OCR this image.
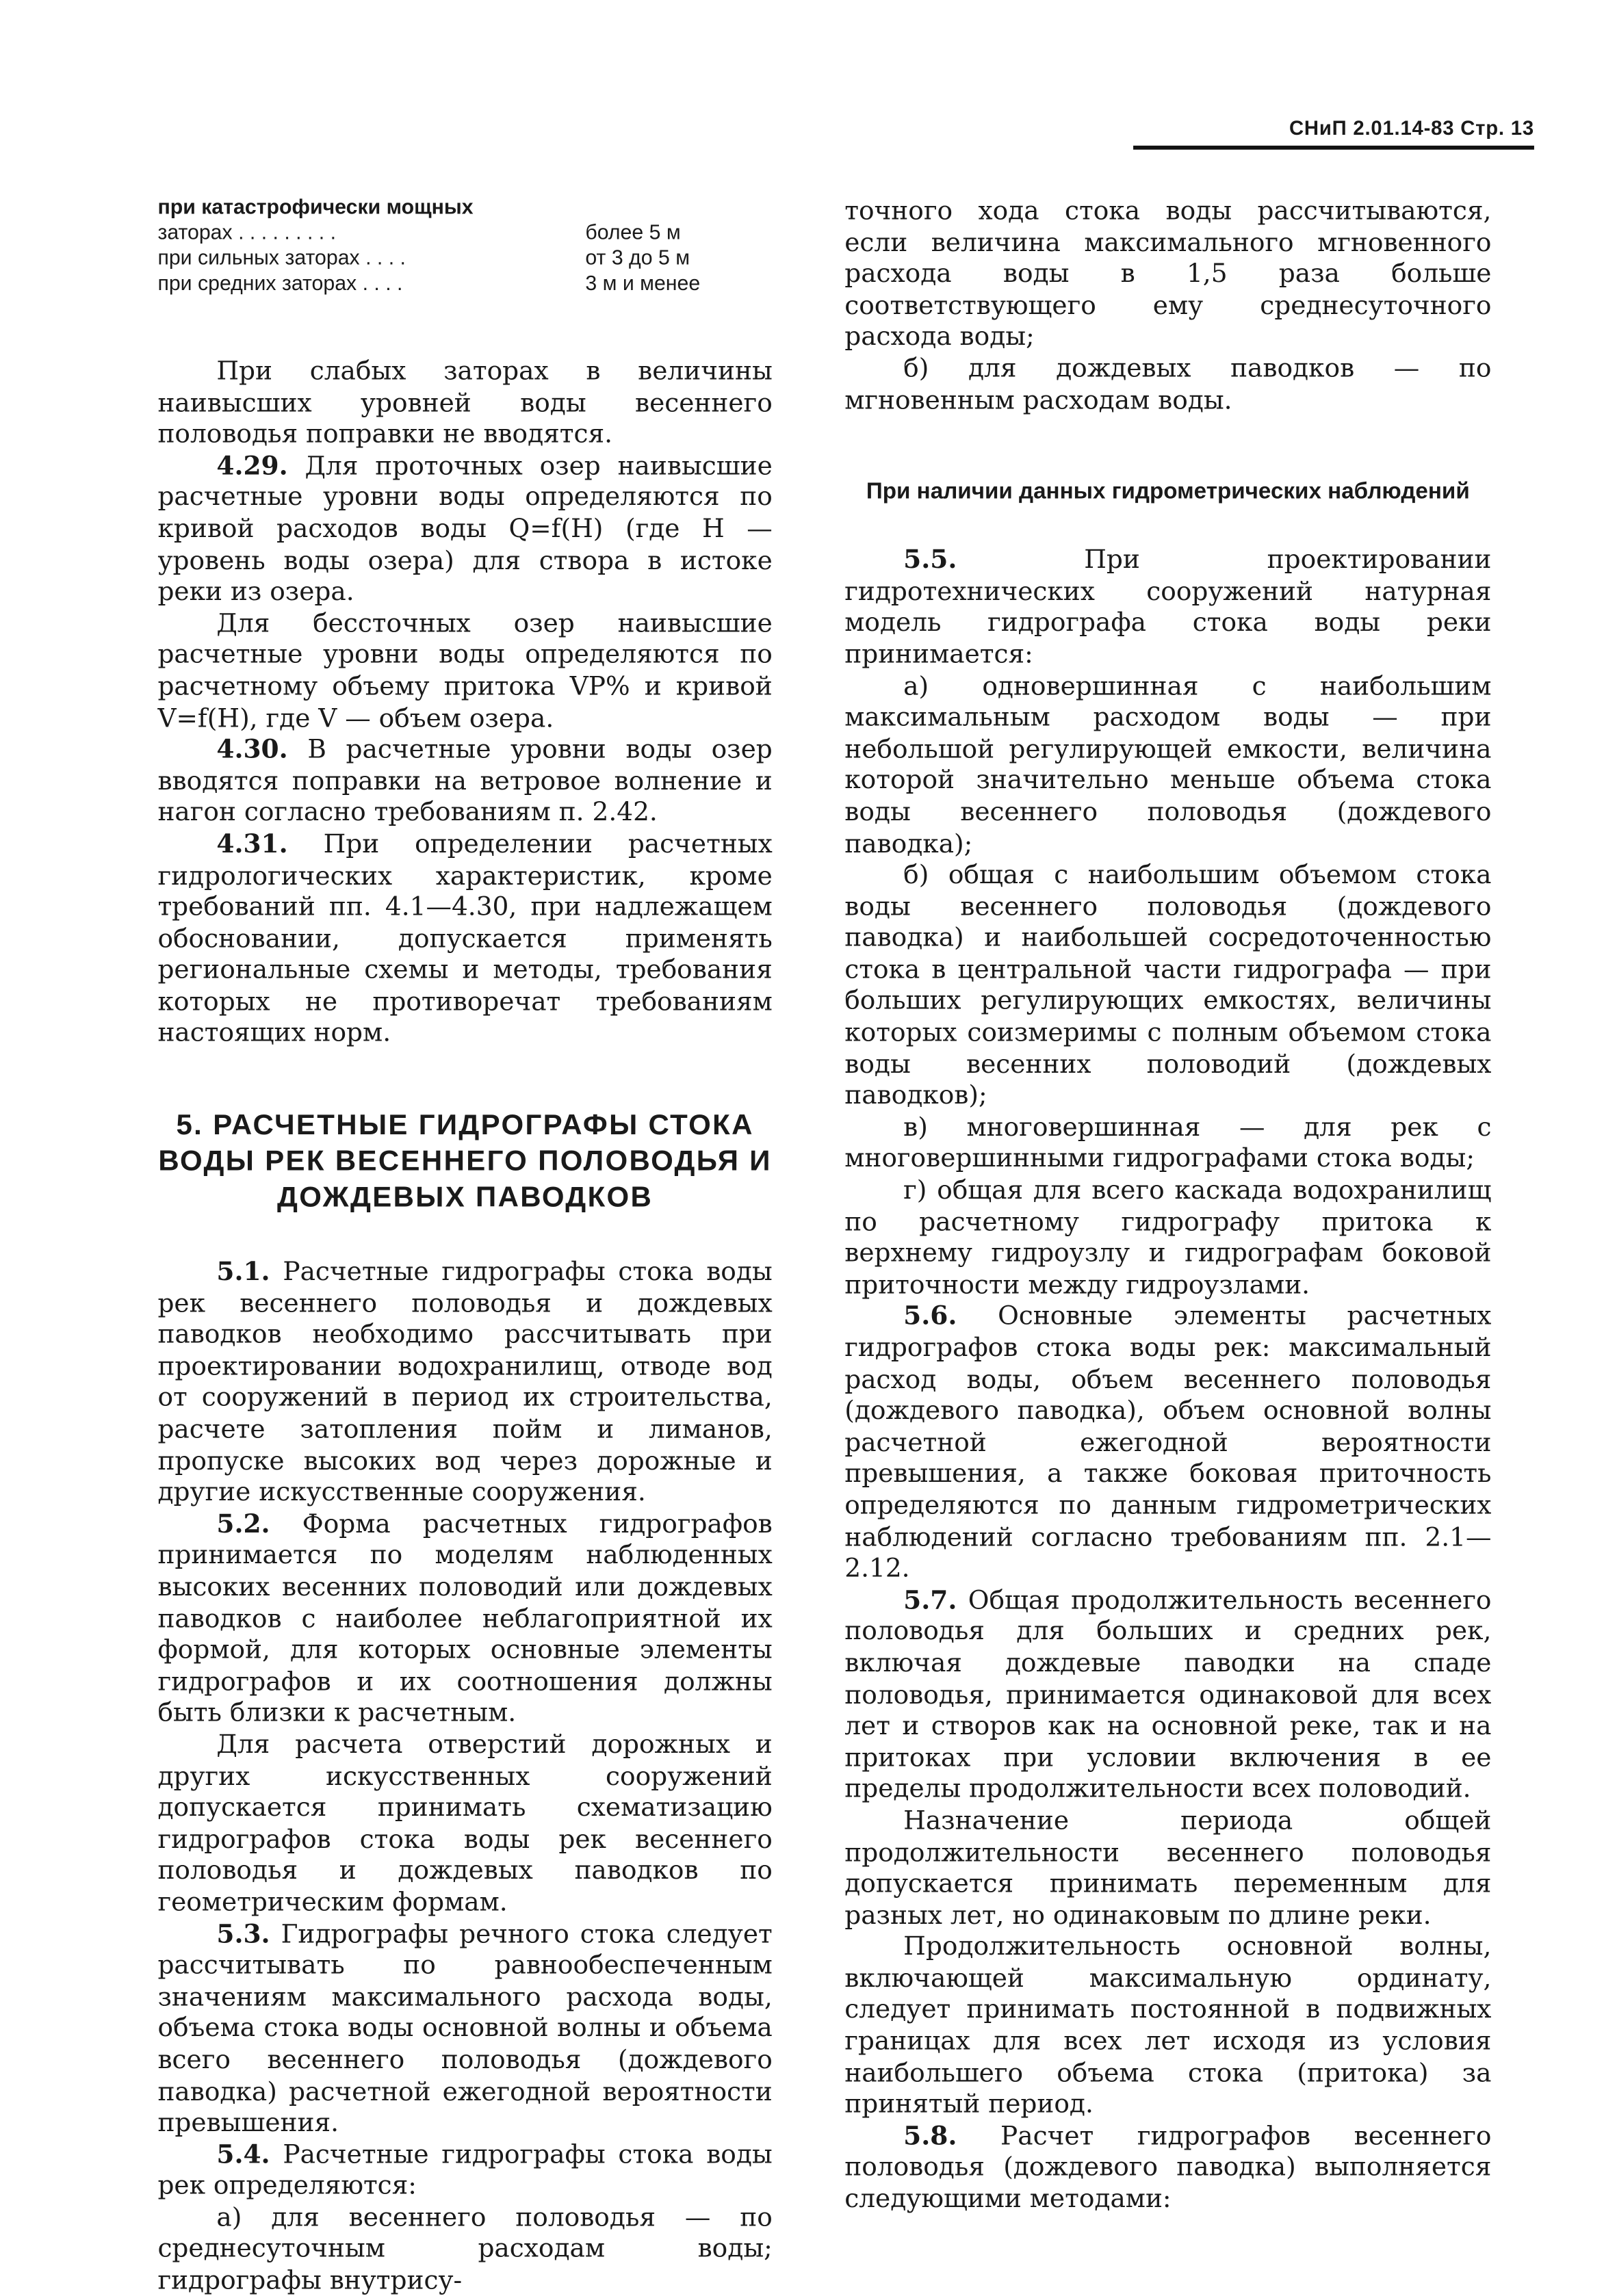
СНиП 2.01.14-83 Стр. 13
при катастрофически мощных
заторах . . . . . . . . .	более 5 м
при сильных заторах . . . .	от 3 до 5 м
при средних заторах . . . .	3 м и менее

При слабых заторах в величины наивысших уровней воды весеннего половодья поправки не вводятся.

4.29. Для проточных озер наивысшие расчетные уровни воды определяются по кривой расходов воды Q=f(H) (где H — уровень воды озера) для створа в истоке реки из озера.

Для бессточных озер наивысшие расчетные уровни воды определяются по расчетному объему притока VP% и кривой V=f(H), где V — объем озера.

4.30. В расчетные уровни воды озер вводятся поправки на ветровое волнение и нагон согласно требованиям п. 2.42.

4.31.	При определении расчетных гидрологических характеристик, кроме требований пп. 4.1—4.30, при надлежащем обосновании, допускается применять региональные схемы и методы, требования которых не противоречат требованиям настоящих норм.

5. РАСЧЕТНЫЕ ГИДРОГРАФЫ СТОКА ВОДЫ РЕК ВЕСЕННЕГО ПОЛОВОДЬЯ И ДОЖДЕВЫХ ПАВОДКОВ

5.1. Расчетные гидрографы стока воды рек весеннего половодья и дождевых паводков необходимо рассчитывать при проектировании водохранилищ, отводе вод от сооружений в период их строительства, расчете затопления пойм и лиманов, пропуске высоких вод через дорожные и другие искусственные сооружения.

5.2. Форма расчетных гидрографов принимается по моделям наблюденных высоких весенних половодий или дождевых паводков с наиболее неблагоприятной их формой, для которых основные элементы гидрографов и их соотношения должны быть близки к расчетным.

Для расчета отверстий дорожных и других искусственных сооружений допускается принимать схематизацию гидрографов стока воды рек весеннего половодья и дождевых паводков по геометрическим формам.

5.3. Гидрографы речного стока следует рассчитывать по равнообеспеченным значениям максимального расхода воды, объема стока воды основной волны и объема всего весеннего половодья (дождевого паводка) расчетной ежегодной вероятности превышения.

5.4. Расчетные гидрографы стока воды рек определяются:

а) для весеннего половодья — по среднесуточным расходам воды; гидрографы внутрису-

точного хода стока воды рассчитываются, если величина максимального мгновенного расхода воды в 1,5 раза больше соответствующего ему среднесуточного расхода воды;

б) для дождевых паводков — по мгновенным расходам воды.

При наличии данных гидрометрических наблюдений

5.5.	При проектировании гидротехнических сооружений натурная модель гидрографа стока воды реки принимается:

а) одновершинная с наибольшим максимальным расходом воды — при небольшой регулирующей емкости, величина которой значительно меньше объема стока воды весеннего половодья (дождевого паводка);

б) общая с наибольшим объемом стока воды весеннего половодья (дождевого паводка) и наибольшей сосредоточенностью стока в центральной части гидрографа — при больших регулирующих емкостях, величины которых соизмеримы с полным объемом стока воды весенних половодий (дождевых паводков);

в) многовершинная — для рек с многовершинными гидрографами стока воды;

г) общая для всего каскада водохранилищ по расчетному гидрографу притока к верхнему гидроузлу и гидрографам боковой приточности между гидроузлами.

5.6.	Основные элементы расчетных гидрографов стока воды рек: максимальный расход воды, объем весеннего половодья (дождевого паводка), объем основной волны расчетной ежегодной вероятности превышения, а также боковая приточность определяются по данным гидрометрических наблюдений согласно требованиям пп. 2.1—2.12.

5.7. Общая продолжительность весеннего половодья для больших и средних рек, включая дождевые паводки на спаде половодья, принимается одинаковой для всех лет и створов как на основной реке, так и на притоках при условии включения в ее пределы продолжительности всех половодий.

Назначение периода общей продолжительности весеннего половодья допускается принимать переменным для разных лет, но одинаковым по длине реки.

Продолжительность основной волны, включающей максимальную ординату, следует принимать постоянной в подвижных границах для всех лет исходя из условия наибольшего объема стока (притока) за принятый период.

5.8.	Расчет гидрографов весеннего половодья (дождевого паводка) выполняется следующими методами:
